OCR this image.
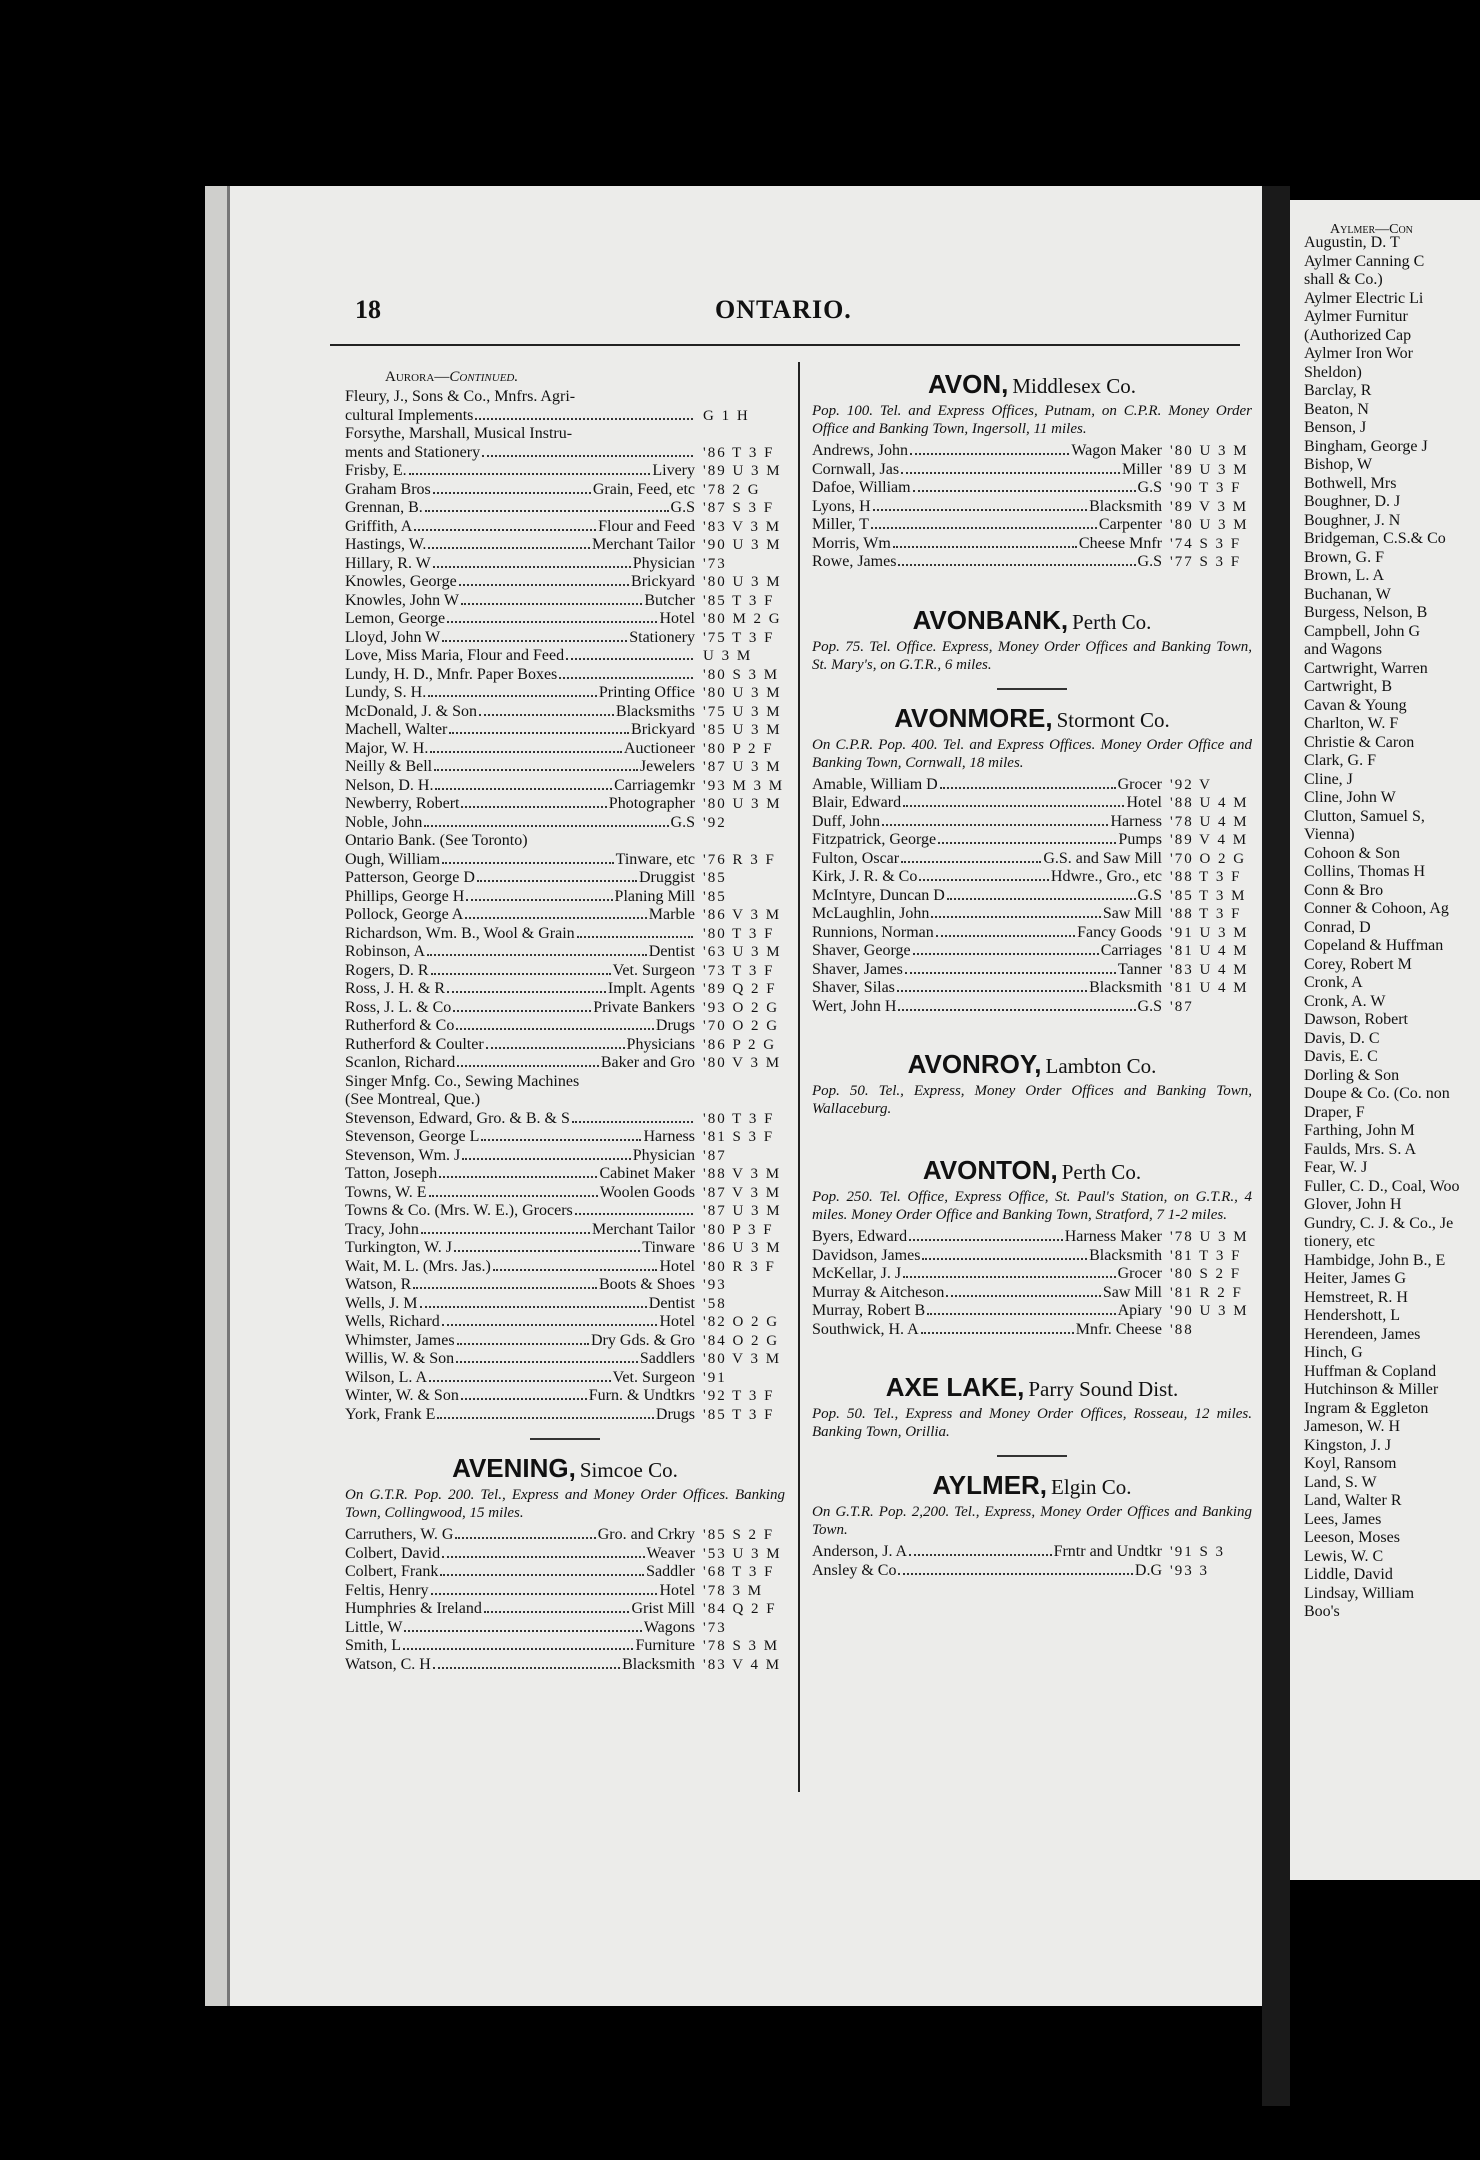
18	ONTARIO.
Aurora—Continued.
Fleury, J., Sons & Co., Mnfrs. Agri-
cultural Implements	G 1 H
Forsythe, Marshall, Musical Instru-
ments and Stationery	'86 T 3 F
Frisby, E.	Livery '89 U 3 M
Graham Bros	Grain, Feed, etc '78 2 G
Grennan, B.	G.S '87 S 3 F
Griffith, A	Flour and Feed '83 V 3 M
Hastings, W.	Merchant Tailor '90 U 3 M
Hillary, R. W	Physician '73
Knowles, George	Brickyard '80 U 3 M
Knowles, John W	Butcher '85 T 3 F
Lemon, George	Hotel '80 M 2 G
Lloyd, John W	Stationery '75 T 3 F
Love, Miss Maria, Flour and Feed	U 3 M
Lundy, H. D., Mnfr. Paper Boxes	'80 S 3 M
Lundy, S. H.	Printing Office '80 U 3 M
McDonald, J. & Son	Blacksmiths '75 U 3 M
Machell, Walter	Brickyard '85 U 3 M
Major, W. H.	Auctioneer '80 P 2 F
Neilly & Bell	Jewelers '87 U 3 M
Nelson, D. H.	Carriagemkr '93 M 3 M
Newberry, Robert	Photographer '80 U 3 M
Noble, John	G.S '92
Ontario Bank. (See Toronto)
Ough, William	Tinware, etc '76 R 3 F
Patterson, George D	Druggist '85
Phillips, George H	Planing Mill '85
Pollock, George A	Marble '86 V 3 M
Richardson, Wm. B., Wool & Grain	'80 T 3 F
Robinson, A	Dentist '63 U 3 M
Rogers, D. R	Vet. Surgeon '73 T 3 F
Ross, J. H. & R	Implt. Agents '89 Q 2 F
Ross, J. L. & Co	Private Bankers '93 O 2 G
Rutherford & Co	Drugs '70 O 2 G
Rutherford & Coulter	Physicians '86 P 2 G
Scanlon, Richard	Baker and Gro '80 V 3 M
Singer Mnfg. Co., Sewing Machines
(See Montreal, Que.)
Stevenson, Edward, Gro. & B. & S	'80 T 3 F
Stevenson, George L	Harness '81 S 3 F
Stevenson, Wm. J	Physician '87
Tatton, Joseph	Cabinet Maker '88 V 3 M
Towns, W. E	Woolen Goods '87 V 3 M
Towns & Co. (Mrs. W. E.), Grocers	'87 U 3 M
Tracy, John	Merchant Tailor '80 P 3 F
Turkington, W. J	Tinware '86 U 3 M
Wait, M. L. (Mrs. Jas.)	Hotel '80 R 3 F
Watson, R	Boots & Shoes '93
Wells, J. M	Dentist '58
Wells, Richard	Hotel '82 O 2 G
Whimster, James	Dry Gds. & Gro '84 O 2 G
Willis, W. & Son	Saddlers '80 V 3 M
Wilson, L. A	Vet. Surgeon '91
Winter, W. & Son	Furn. & Undtkrs '92 T 3 F
York, Frank E	Drugs '85 T 3 F
AVENING, Simcoe Co.
On G.T.R. Pop. 200. Tel., Express and Money Order Offices. Banking Town, Collingwood, 15 miles.
Carruthers, W. G	Gro. and Crkry '85 S 2 F
Colbert, David	Weaver '53 U 3 M
Colbert, Frank	Saddler '68 T 3 F
Feltis, Henry	Hotel '78 3 M
Humphries & Ireland	Grist Mill '84 Q 2 F
Little, W	Wagons '73
Smith, L	Furniture '78 S 3 M
Watson, C. H	Blacksmith '83 V 4 M
AVON, Middlesex Co.
Pop. 100. Tel. and Express Offices, Putnam, on C.P.R. Money Order Office and Banking Town, Ingersoll, 11 miles.
Andrews, John	Wagon Maker '80 U 3 M
Cornwall, Jas	Miller '89 U 3 M
Dafoe, William	G.S '90 T 3 F
Lyons, H	Blacksmith '89 V 3 M
Miller, T	Carpenter '80 U 3 M
Morris, Wm	Cheese Mnfr '74 S 3 F
Rowe, James	G.S '77 S 3 F
AVONBANK, Perth Co.
Pop. 75. Tel. Office. Express, Money Order Offices and Banking Town, St. Mary's, on G.T.R., 6 miles.
AVONMORE, Stormont Co.
On C.P.R. Pop. 400. Tel. and Express Offices. Money Order Office and Banking Town, Cornwall, 18 miles.
Amable, William D	Grocer '92 V
Blair, Edward	Hotel '88 U 4 M
Duff, John	Harness '78 U 4 M
Fitzpatrick, George	Pumps '89 V 4 M
Fulton, Oscar	G.S. and Saw Mill '70 O 2 G
Kirk, J. R. & Co	Hdwre., Gro., etc '88 T 3 F
McIntyre, Duncan D	G.S '85 T 3 M
McLaughlin, John	Saw Mill '88 T 3 F
Runnions, Norman	Fancy Goods '91 U 3 M
Shaver, George	Carriages '81 U 4 M
Shaver, James	Tanner '83 U 4 M
Shaver, Silas	Blacksmith '81 U 4 M
Wert, John H	G.S '87
AVONROY, Lambton Co.
Pop. 50. Tel., Express, Money Order Offices and Banking Town, Wallaceburg.
AVONTON, Perth Co.
Pop. 250. Tel. Office, Express Office, St. Paul's Station, on G.T.R., 4 miles. Money Order Office and Banking Town, Stratford, 7 1-2 miles.
Byers, Edward	Harness Maker '78 U 3 M
Davidson, James	Blacksmith '81 T 3 F
McKellar, J. J	Grocer '80 S 2 F
Murray & Aitcheson	Saw Mill '81 R 2 F
Murray, Robert B	Apiary '90 U 3 M
Southwick, H. A	Mnfr. Cheese '88
AXE LAKE, Parry Sound Dist.
Pop. 50. Tel., Express and Money Order Offices, Rosseau, 12 miles. Banking Town, Orillia.
AYLMER, Elgin Co.
On G.T.R. Pop. 2,200. Tel., Express, Money Order Offices and Banking Town.
Anderson, J. A	Frntr and Undtkr '91 S 3
Ansley & Co	D.G '93 3
Aylmer—Con
Augustin, D. T
Aylmer Canning C
shall & Co.)
Aylmer Electric Li
Aylmer Furnitur
(Authorized Cap
Aylmer Iron Wor
Sheldon)
Barclay, R
Beaton, N
Benson, J
Bingham, George J
Bishop, W
Bothwell, Mrs
Boughner, D. J
Boughner, J. N
Bridgeman, C.S.& Co
Brown, G. F
Brown, L. A
Buchanan, W
Burgess, Nelson, B
Campbell, John G
and Wagons
Cartwright, Warren
Cartwright, B
Cavan & Young
Charlton, W. F
Christie & Caron
Clark, G. F
Cline, J
Cline, John W
Clutton, Samuel S,
Vienna)
Cohoon & Son
Collins, Thomas H
Conn & Bro
Conner & Cohoon, Ag
Conrad, D
Copeland & Huffman
Corey, Robert M
Cronk, A
Cronk, A. W
Dawson, Robert
Davis, D. C
Davis, E. C
Dorling & Son
Doupe & Co. (Co. non
Draper, F
Farthing, John M
Faulds, Mrs. S. A
Fear, W. J
Fuller, C. D., Coal, Woo
Glover, John H
Gundry, C. J. & Co., Je
tionery, etc
Hambidge, John B., E
Heiter, James G
Hemstreet, R. H
Hendershott, L
Herendeen, James
Hinch, G
Huffman & Copland
Hutchinson & Miller
Ingram & Eggleton
Jameson, W. H
Kingston, J. J
Koyl, Ransom
Land, S. W
Land, Walter R
Lees, James
Leeson, Moses
Lewis, W. C
Liddle, David
Lindsay, William
Boo's
